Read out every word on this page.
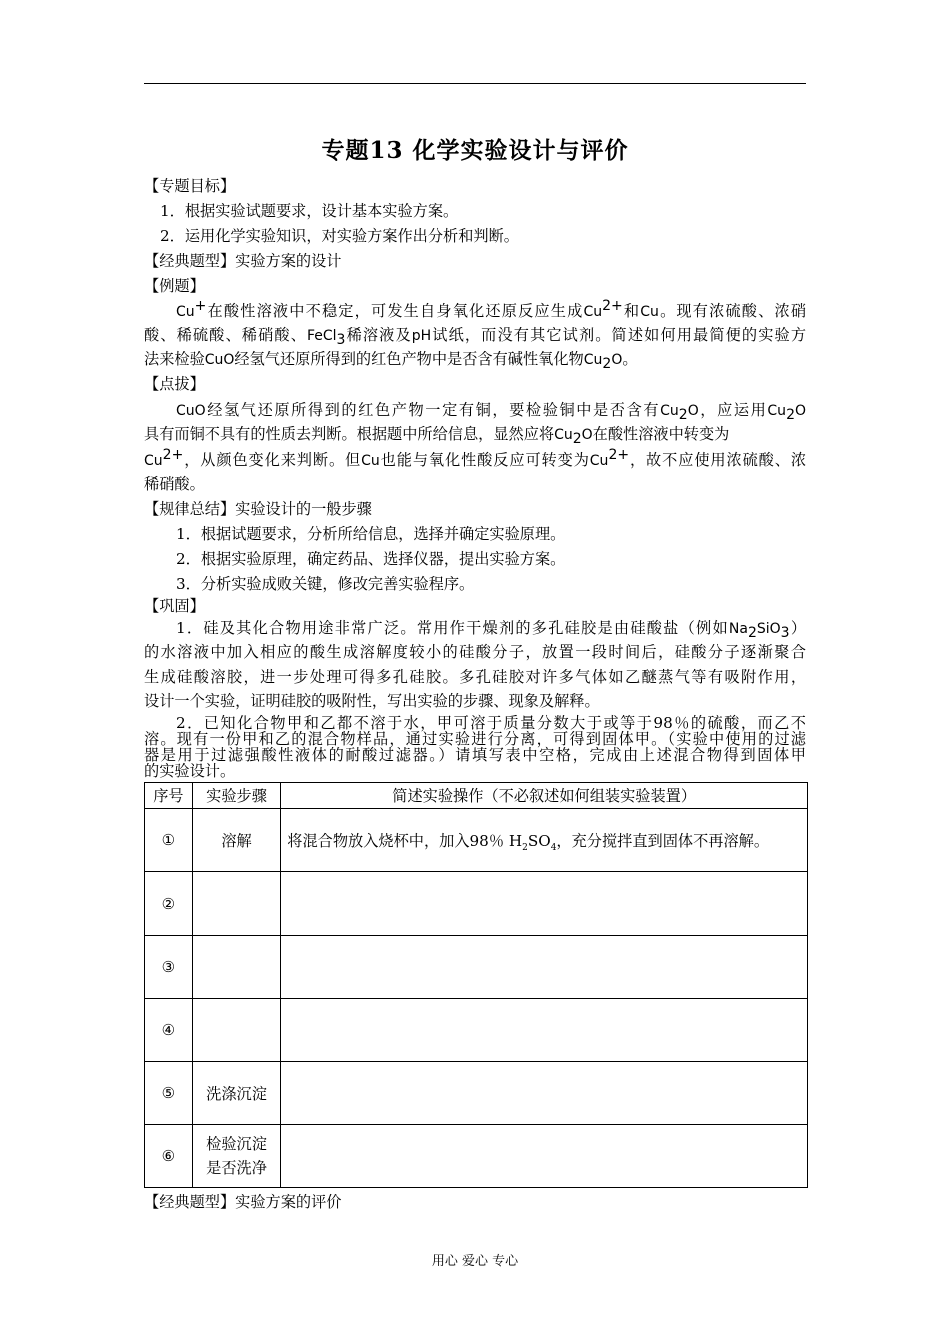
专题13 化学实验设计与评价
【专题目标】
1．根据实验试题要求，设计基本实验方案。
2．运用化学实验知识，对实验方案作出分析和判断。
【经典题型】实验方案的设计
【例题】
Cu+在酸性溶液中不稳定，可发生自身氧化还原反应生成$Cu^{2+}$和Cu。现有浓硫酸、浓硝
酸、稀硫酸、稀硝酸、FeCl$_3$稀溶液及pH试纸，而没有其它试剂。简述如何用最简便的实验方
法来检验CuO经氢气还原所得到的红色产物中是否含有碱性氧化物$Cu_2O$。
【点拔】
CuO经氢气还原所得到的红色产物一定有铜，要检验铜中是否含有$Cu_2O$，应运用$Cu_2O$
具有而铜不具有的性质去判断。根据题中所给信息，显然应将$Cu_2O$在酸性溶液中转变为
$Cu^{2+}$，从颜色变化来判断。但Cu也能与氧化性酸反应可转变为$Cu^{2+}$，故不应使用浓硫酸、浓
稀硝酸。
【规律总结】实验设计的一般步骤
1．根据试题要求，分析所给信息，选择并确定实验原理。
2．根据实验原理，确定药品、选择仪器，提出实验方案。
3．分析实验成败关键，修改完善实验程序。
【巩固】
1．硅及其化合物用途非常广泛。常用作干燥剂的多孔硅胶是由硅酸盐（例如$Na_2SiO_3$）
的水溶液中加入相应的酸生成溶解度较小的硅酸分子，放置一段时间后，硅酸分子逐渐聚合
生成硅酸溶胶，进一步处理可得多孔硅胶。多孔硅胶对许多气体如乙醚蒸气等有吸附作用，
设计一个实验，证明硅胶的吸附性，写出实验的步骤、现象及解释。
2．已知化合物甲和乙都不溶于水，甲可溶于质量分数大于或等于98％的硫酸，而乙不
溶。现有一份甲和乙的混合物样品，通过实验进行分离，可得到固体甲。（实验中使用的过滤
器是用于过滤强酸性液体的耐酸过滤器。）请填写表中空格，完成由上述混合物得到固体甲
的实验设计。
序号	实验步骤	简述实验操作（不必叙述如何组装实验装置）
①	溶解	将混合物放入烧杯中，加入98％ $H_2SO_4$，充分搅拌直到固体不再溶解。
②		
③		
④		
⑤	洗涤沉淀	
⑥	检验沉淀
是否洗净	

【经典题型】实验方案的评价
用心 爱心 专心
